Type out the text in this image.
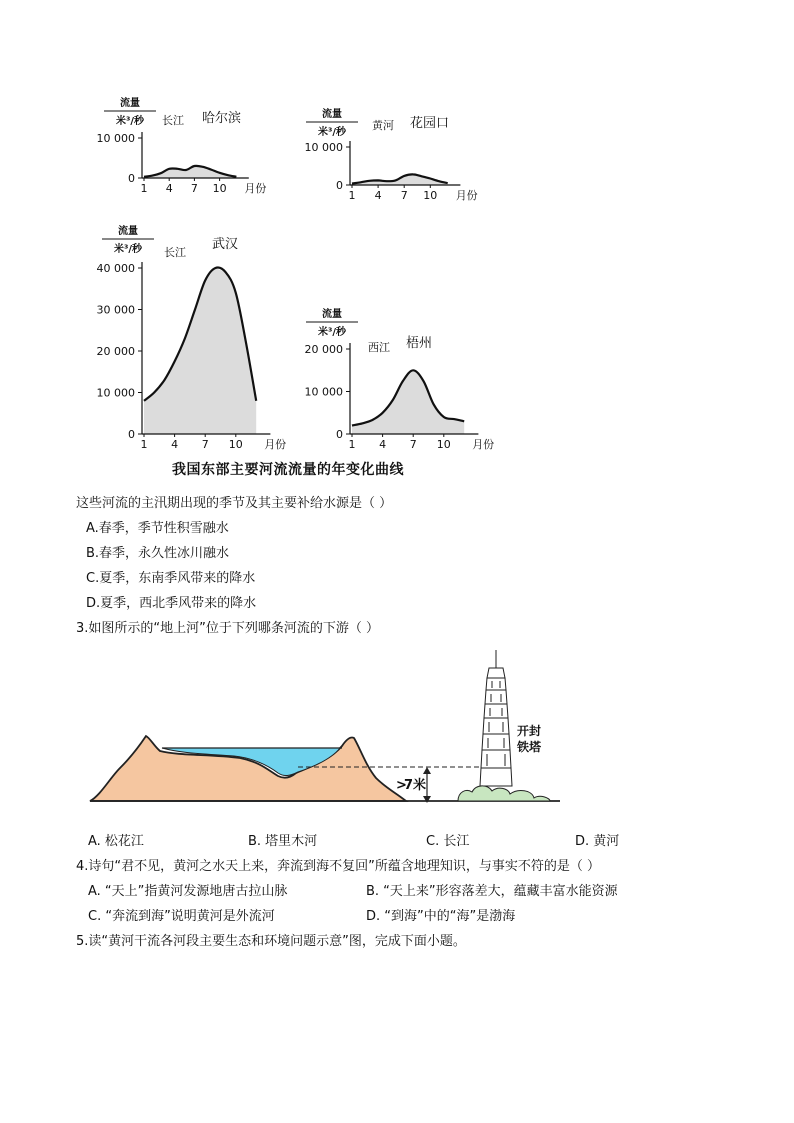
0
10 000
1 4 7 10 月份
流量
米³/秒 长江 哈尔滨
0
10 000
1 4 7 10 月份
流量
米³/秒
黄河 花园口
0
10 000
20 000
30 000
40 000
1 4 7 10 月份
流量
米³/秒 长江
武汉
0
10 000
20 000
1 4 7 10 月份
流量
米³/秒
西江 梧州
我国东部主要河流流量的年变化曲线
这些河流的主汛期出现的季节及其主要补给水源是（ ）
A.春季，季节性积雪融水
B.春季，永久性冰川融水
C.夏季，东南季风带来的降水
D.夏季，西北季风带来的降水
3.如图所示的“地上河”位于下列哪条河流的下游（ ）
>
7米
开封
铁塔
A. 松花江	B. 塔里木河	C. 长江	D. 黄河
4.诗句“君不见，黄河之水天上来，奔流到海不复回”所蕴含地理知识，与事实不符的是（ ）
A. “天上”指黄河发源地唐古拉山脉	B. “天上来”形容落差大，蕴藏丰富水能资源
C. “奔流到海”说明黄河是外流河	D. “到海”中的“海”是渤海
5.读“黄河干流各河段主要生态和环境问题示意”图，完成下面小题。
